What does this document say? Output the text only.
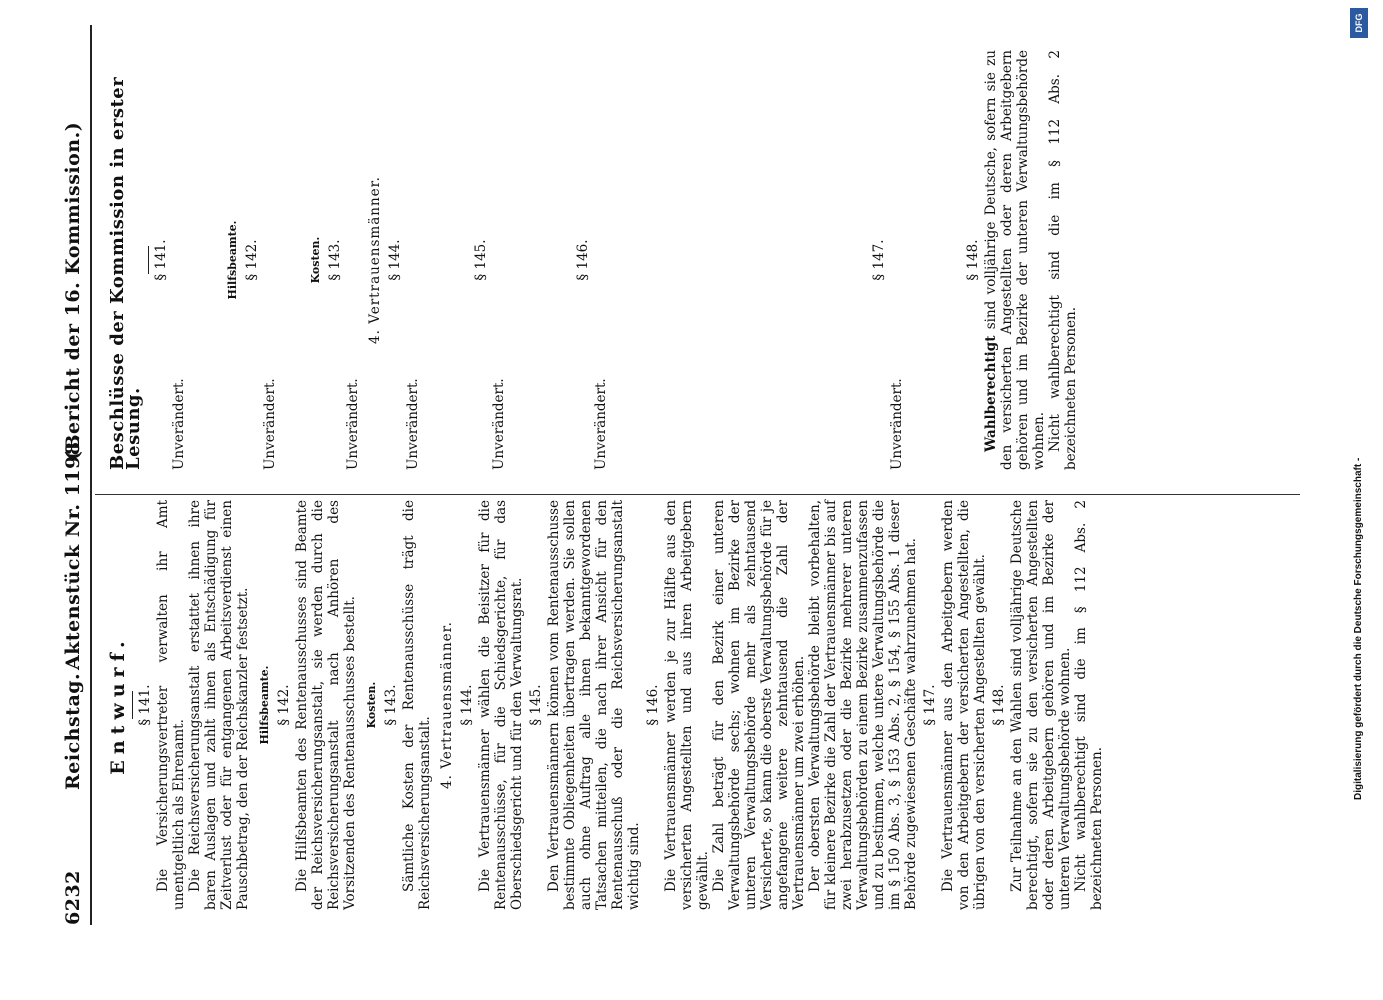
6232
Reichstag.
Aktenstück Nr. 1198.
(Bericht der 16. Kommission.)
Entwurf. § 141. Die Versicherungsvertreter verwalten ihr Amt unentgeltlich als Ehrenamt. Die Reichsversicherungsanstalt erstattet ihnen ihre baren Auslagen und zahlt ihnen als Entschädigung für Zeitverlust oder für entgangenen Arbeitsverdienst einen Pauschbetrag, den der Reichskanzler festsetzt. Hilfsbeamte. § 142. Die Hilfsbeamten des Rentenausschusses sind Beamte der Reichsversicherungsanstalt, sie werden durch die Reichsversicherungsanstalt nach Anhören des Vorsitzenden des Rentenausschusses bestellt. Kosten. § 143. Sämtliche Kosten der Rentenausschüsse trägt die Reichsversicherungsanstalt.

4. Vertrauensmänner. § 144. Die Vertrauensmänner wählen die Beisitzer für die Rentenausschüsse, für die Schiedsgerichte, für das Oberschiedsgericht und für den Verwaltungsrat. § 145. Den Vertrauensmännern können vom Rentenausschusse bestimmte Obliegenheiten übertragen werden. Sie sollen auch ohne Auftrag alle ihnen bekanntgewordenen Tatsachen mitteilen, die nach ihrer Ansicht für den Rentenausschuß oder die Reichsversicherungsanstalt wichtig sind.

§ 146. Die Vertrauensmänner werden je zur Hälfte aus den versicherten Angestellten und aus ihren Arbeitgebern gewählt. Die Zahl beträgt für den Bezirk einer unteren Verwaltungsbehörde sechs; wohnen im Bezirke der unteren Verwaltungsbehörde mehr als zehntausend Versicherte, so kann die oberste Verwaltungsbehörde für je angefangene weitere zehntausend die Zahl der Vertrauensmänner um zwei erhöhen. Der obersten Verwaltungsbehörde bleibt vorbehalten, für kleinere Bezirke die Zahl der Vertrauensmänner bis auf zwei herabzusetzen oder die Bezirke mehrerer unteren Verwaltungsbehörden zu einem Bezirke zusammenzufassen und zu bestimmen, welche untere Verwaltungsbehörde die im § 150 Abs. 3, § 153 Abs. 2, § 154, § 155 Abs. 1 dieser Behörde zugewiesenen Geschäfte wahrzunehmen hat. § 147. Die Vertrauensmänner aus den Arbeitgebern werden von den Arbeitgebern der versicherten Angestellten, die übrigen von den versicherten Angestellten gewählt. § 148. Zur Teilnahme an den Wahlen sind volljährige Deutsche berechtigt, sofern sie zu den versicherten Angestellten oder deren Arbeitgebern gehören und im Bezirke der unteren Verwaltungsbehörde wohnen. Nicht wahlberechtigt sind die im § 112 Abs. 2 bezeichneten Personen.

Beschlüsse der Kommission in erster Lesung.
§ 141.

Unverändert.

Hilfsbeamte. § 142.

Unverändert.

Kosten. § 143.

Unverändert.

4. Vertrauensmänner. § 144.

Unverändert.

§ 145.

Unverändert.

§ 146.

Unverändert.

§ 147.

Unverändert.

§ 148.

Wahlberechtigt sind volljährige Deutsche, sofern sie zu den versicherten Angestellten oder deren Arbeitgebern gehören und im Bezirke der unteren Verwaltungsbehörde wohnen. Nicht wahlberechtigt sind die im § 112 Abs. 2 bezeichneten Personen.

Digitalisierung gefördert durch die Deutsche Forschungsgemeinschaft -
DFG
